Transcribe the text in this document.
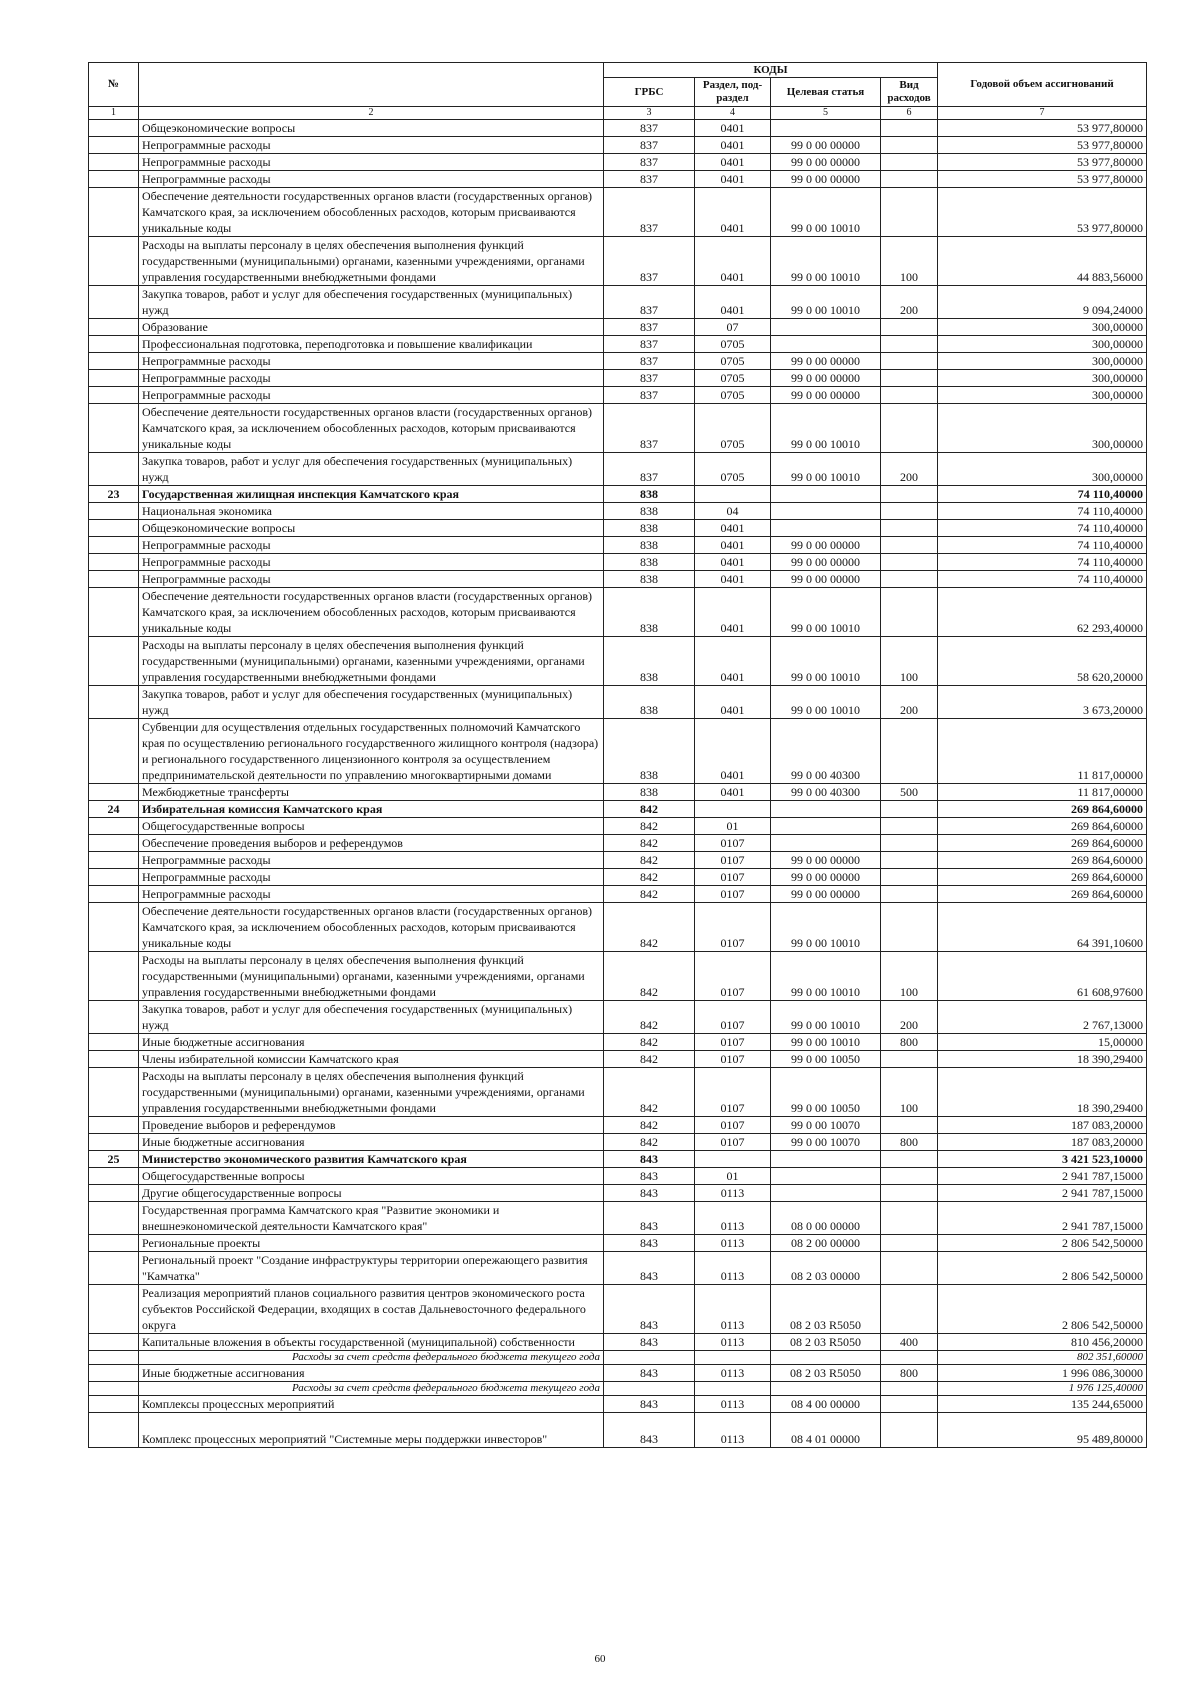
№		КОДЫ				Годовой объем ассигнований
		ГРБС	Раздел, под-раздел	Целевая статья	Вид расходов	
1	2	3	4	5	6	7
	Общеэкономические вопросы	837	0401			53 977,80000
	Непрограммные расходы	837	0401	99 0 00 00000		53 977,80000
	Непрограммные расходы	837	0401	99 0 00 00000		53 977,80000
	Непрограммные расходы	837	0401	99 0 00 00000		53 977,80000
	Обеспечение деятельности государственных органов власти (государственных органов) Камчатского края, за исключением обособленных расходов, которым присваиваются уникальные коды	837	0401	99 0 00 10010		53 977,80000
	Расходы на выплаты персоналу в целях обеспечения выполнения функций государственными (муниципальными) органами, казенными учреждениями, органами управления государственными внебюджетными фондами	837	0401	99 0 00 10010	100	44 883,56000
	Закупка товаров, работ и услуг для обеспечения государственных (муниципальных) нужд	837	0401	99 0 00 10010	200	9 094,24000
	Образование	837	07			300,00000
	Профессиональная подготовка, переподготовка и повышение квалификации	837	0705			300,00000
	Непрограммные расходы	837	0705	99 0 00 00000		300,00000
	Непрограммные расходы	837	0705	99 0 00 00000		300,00000
	Непрограммные расходы	837	0705	99 0 00 00000		300,00000
	Обеспечение деятельности государственных органов власти (государственных органов) Камчатского края, за исключением обособленных расходов, которым присваиваются уникальные коды	837	0705	99 0 00 10010		300,00000
	Закупка товаров, работ и услуг для обеспечения государственных (муниципальных) нужд	837	0705	99 0 00 10010	200	300,00000
23	Государственная жилищная инспекция Камчатского края	838				74 110,40000
	Национальная экономика	838	04			74 110,40000
	Общеэкономические вопросы	838	0401			74 110,40000
	Непрограммные расходы	838	0401	99 0 00 00000		74 110,40000
	Непрограммные расходы	838	0401	99 0 00 00000		74 110,40000
	Непрограммные расходы	838	0401	99 0 00 00000		74 110,40000
	Обеспечение деятельности государственных органов власти (государственных органов) Камчатского края, за исключением обособленных расходов, которым присваиваются уникальные коды	838	0401	99 0 00 10010		62 293,40000
	Расходы на выплаты персоналу в целях обеспечения выполнения функций государственными (муниципальными) органами, казенными учреждениями, органами управления государственными внебюджетными фондами	838	0401	99 0 00 10010	100	58 620,20000
	Закупка товаров, работ и услуг для обеспечения государственных (муниципальных) нужд	838	0401	99 0 00 10010	200	3 673,20000
	Субвенции для осуществления отдельных государственных полномочий Камчатского края по осуществлению регионального государственного жилищного контроля (надзора) и регионального государственного лицензионного контроля за осуществлением предпринимательской деятельности по управлению многоквартирными домами	838	0401	99 0 00 40300		11 817,00000
	Межбюджетные трансферты	838	0401	99 0 00 40300	500	11 817,00000
24	Избирательная комиссия Камчатского края	842				269 864,60000
	Общегосударственные вопросы	842	01			269 864,60000
	Обеспечение проведения выборов и референдумов	842	0107			269 864,60000
	Непрограммные расходы	842	0107	99 0 00 00000		269 864,60000
	Непрограммные расходы	842	0107	99 0 00 00000		269 864,60000
	Непрограммные расходы	842	0107	99 0 00 00000		269 864,60000
	Обеспечение деятельности государственных органов власти (государственных органов) Камчатского края, за исключением обособленных расходов, которым присваиваются уникальные коды	842	0107	99 0 00 10010		64 391,10600
	Расходы на выплаты персоналу в целях обеспечения выполнения функций государственными (муниципальными) органами, казенными учреждениями, органами управления государственными внебюджетными фондами	842	0107	99 0 00 10010	100	61 608,97600
	Закупка товаров, работ и услуг для обеспечения государственных (муниципальных) нужд	842	0107	99 0 00 10010	200	2 767,13000
	Иные бюджетные ассигнования	842	0107	99 0 00 10010	800	15,00000
	Члены избирательной комиссии Камчатского края	842	0107	99 0 00 10050		18 390,29400
	Расходы на выплаты персоналу в целях обеспечения выполнения функций государственными (муниципальными) органами, казенными учреждениями, органами управления государственными внебюджетными фондами	842	0107	99 0 00 10050	100	18 390,29400
	Проведение выборов и референдумов	842	0107	99 0 00 10070		187 083,20000
	Иные бюджетные ассигнования	842	0107	99 0 00 10070	800	187 083,20000
25	Министерство экономического развития Камчатского края	843				3 421 523,10000
	Общегосударственные вопросы	843	01			2 941 787,15000
	Другие общегосударственные вопросы	843	0113			2 941 787,15000
	Государственная программа Камчатского края "Развитие экономики и внешнеэкономической деятельности Камчатского края"	843	0113	08 0 00 00000		2 941 787,15000
	Региональные проекты	843	0113	08 2 00 00000		2 806 542,50000
	Региональный проект "Создание инфраструктуры территории опережающего развития "Камчатка"	843	0113	08 2 03 00000		2 806 542,50000
	Реализация мероприятий планов социального развития центров экономического роста субъектов Российской Федерации, входящих в состав Дальневосточного федерального округа	843	0113	08 2 03 R5050		2 806 542,50000
	Капитальные вложения в объекты государственной (муниципальной) собственности	843	0113	08 2 03 R5050	400	810 456,20000
	Расходы за счет средств федерального бюджета текущего года					802 351,60000
	Иные бюджетные ассигнования	843	0113	08 2 03 R5050	800	1 996 086,30000
	Расходы за счет средств федерального бюджета текущего года					1 976 125,40000
	Комплексы процессных мероприятий	843	0113	08 4 00 00000		135 244,65000
	Комплекс процессных мероприятий "Системные меры поддержки инвесторов"	843	0113	08 4 01 00000		95 489,80000
60
